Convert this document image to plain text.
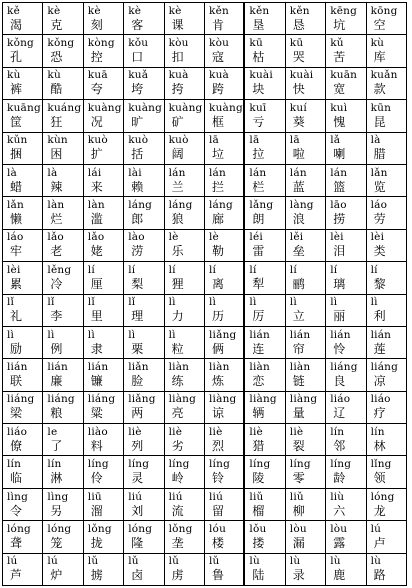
kě
渴
kè
克
kè
刻
kè
客
kè
课
kěn
肯
kěn
垦
kěn
恳
kēng
坑
kōng
空
kǒng
孔
kǒng
恐
kòng
控
kǒu
口
kòu
扣
kòu
寇
kū
枯
kū
哭
kǔ
苦
kù
库
kù
裤
kù
酷
kuā
夸
kuǎ
垮
kuà
挎
kuà
跨
kuài
块
kuài
快
kuān
宽
kuǎn
款
kuāng
筐
kuáng
狂
kuàng
况
kuàng
旷
kuàng
矿
kuàng
框
kuī
亏
kuí
葵
kuì
愧
kūn
昆
kǔn
捆
kùn
困
kuò
扩
kuò
括
kuò
阔
lā
垃
lā
拉
lā
啦
lǎ
喇
là
腊
là
蜡
là
辣
lái
来
lài
赖
lán
兰
lán
拦
lán
栏
lán
蓝
lán
篮
lǎn
览
lǎn
懒
làn
烂
làn
滥
láng
郎
láng
狼
láng
廊
lǎng
朗
làng
浪
lāo
捞
láo
劳
láo
牢
lǎo
老
lǎo
姥
lào
涝
lè
乐
lè
勒
léi
雷
lěi
垒
lèi
泪
lèi
类
lèi
累
lěng
冷
lí
厘
lí
梨
lí
狸
lí
离
lí
犁
lí
鹂
lí
璃
lí
黎
lǐ
礼
lǐ
李
lǐ
里
lǐ
理
lì
力
lì
历
lì
厉
lì
立
lì
丽
lì
利
lì
励
lì
例
lì
隶
lì
栗
lì
粒
liǎng
俩
lián
连
lián
帘
lián
怜
lián
莲
lián
联
lián
廉
lián
镰
liǎn
脸
liàn
练
liàn
炼
liàn
恋
liàn
链
liáng
良
liáng
凉
liáng
梁
liáng
粮
liáng
粱
liǎng
两
liàng
亮
liàng
谅
liàng
辆
liàng
量
liáo
辽
liáo
疗
liáo
僚
le
了
liào
料
liè
列
liè
劣
liè
烈
liè
猎
liè
裂
lín
邻
lín
林
lín
临
lín
淋
líng
伶
líng
灵
líng
岭
líng
铃
líng
陵
líng
零
líng
龄
lǐng
领
lìng
令
lìng
另
liū
溜
liú
刘
liú
流
liú
留
liǔ
榴
liǔ
柳
liù
六
lóng
龙
lóng
聋
lóng
笼
lǒng
拢
lóng
隆
lǒng
垄
lóu
楼
lǒu
搂
lòu
漏
lòu
露
lú
卢
lú
芦
lú
炉
lǔ
掳
lǔ
卤
lǔ
虏
lǔ
鲁
lù
陆
lù
录
lù
鹿
lù
路
